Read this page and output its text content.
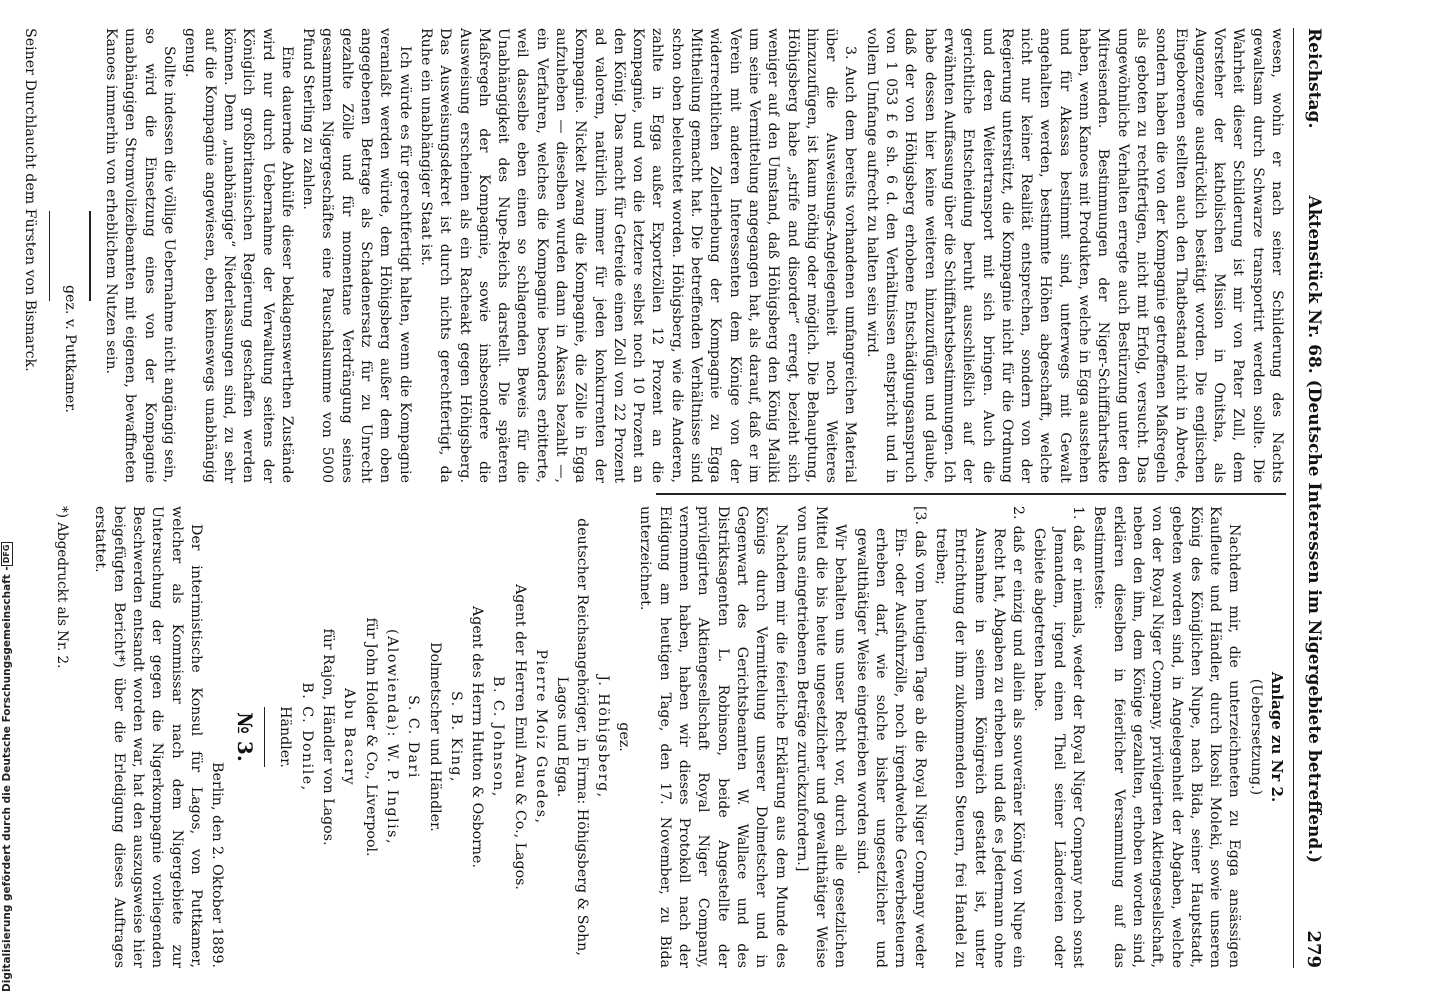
Digitalisierung gefördert durch die Deutsche Forschungsgemeinschaft -
DFG
Reichstag.
Aktenstück Nr. 68. (Deutsche Interessen im Nigergebiete betreffend.)
279

wesen, wohin er nach seiner Schilderung des Nachts gewaltsam durch Schwarze transportirt werden sollte. Die Wahrheit dieser Schilderung ist mir von Pater Zull, dem Vorsteher der katholischen Mission in Onitsha, als Augenzeuge ausdrücklich bestätigt worden. Die englischen Eingeborenen stellten auch den Thatbestand nicht in Abrede, sondern haben die von der Kompagnie getroffenen Maßregeln als geboten zu rechtfertigen, nicht mit Erfolg, versucht. Das ungewöhnliche Verhalten erregte auch Bestürzung unter den Mitreisenden. Bestimmungen der Niger-Schifffahrtsakte haben, wenn Kanoes mit Produkten, welche in Egga ausstehen und für Akassa bestimmt sind, unterwegs mit Gewalt angehalten werden, bestimmte Höhen abgeschafft, welche nicht nur keiner Realität entsprechen, sondern von der Regierung unterstützt, die Kompagnie nicht für die Ordnung und deren Weitertransport mit sich bringen. Auch die gerichtliche Entscheidung beruht ausschließlich auf der erwähnten Auffassung über die Schifffahrtsbestimmungen. Ich habe dessen hier keine weiteren hinzuzufügen und glaube, daß der von Höhigsberg erhobene Entschädigungsanspruch von 1 053 £ 6 sh. 6 d. den Verhältnissen entspricht und in vollem Umfange aufrecht zu halten sein wird.

3. Auch dem bereits vorhandenen umfangreichen Material über die Ausweisungs-Angelegenheit noch Weiteres hinzuzufügen, ist kaum nöthig oder möglich. Die Behauptung, Höhigsberg habe „strife and disorder“ erregt, bezieht sich weniger auf den Umstand, daß Höhigsberg den König Maliki um seine Vermittelung angegangen hat, als darauf, daß er im Verein mit anderen Interessenten dem Könige von der widerrechtlichen Zollerhebung der Kompagnie zu Egga Mittheilung gemacht hat. Die betreffenden Verhältnisse sind schon oben beleuchtet worden. Höhigsberg, wie die Anderen, zahlte in Egga außer Exportzöllen 12 Prozent an die Kompagnie, und von die letztere selbst noch 10 Prozent an den König. Das macht für Getreide einen Zoll von 22 Prozent ad valorem, natürlich immer für jeden konkurrenten der Kompagnie. Nickelt zwang die Kompagnie, die Zölle in Egga aufzuheben — dieselben wurden dann in Akassa bezahlt —, ein Verfahren, welches die Kompagnie besonders erbitterte, weil dasselbe eben einen so schlagenden Beweis für die Unabhängigkeit des Nupe-Reichs darstellt. Die späteren Maßregeln der Kompagnie, sowie insbesondere die Ausweisung erscheinen als ein Racheakt gegen Höhigsberg. Das Ausweisungsdekret ist durch nichts gerechtfertigt, da Ruhe ein unabhängiger Staat ist.

Ich würde es für gerechtfertigt halten, wenn die Kompagnie veranlaßt werden würde, dem Höhigsberg außer dem oben angegebenen Betrage als Schadenersatz für zu Unrecht gezahlte Zölle und für momentane Verdrängung seines gesammten Nigergeschäftes eine Pauschalsumme von 5000 Pfund Sterling zu zahlen.

Eine dauernde Abhülfe dieser beklagenswerthen Zustände wird nur durch Uebernahme der Verwaltung seitens der Königlich großbritannischen Regierung geschaffen werden können. Denn „unabhängige“ Niederlassungen sind, zu sehr auf die Kompagnie angewiesen, eben keineswegs unabhängig genug.

Sollte indessen die völlige Uebernahme nicht angängig sein, so wird die Einsetzung eines von der Kompagnie unabhängigen Stromvolizeibeamten mit eigenen, bewaffneten Kanoes immerhin von erheblichem Nutzen sein.

gez. v. Puttkamer.

Seiner Durchlaucht dem Fürsten von Bismarck.

Anlage zu Nr 2.

(Uebersetzung.)

Nachdem mir, die unterzeichneten zu Egga ansässigen Kaufleute und Händler, durch Ikoshi Moleki, sowie unseren König des Königlichen Nupe, nach Bida, seiner Hauptstadt, gebeten worden sind, in Angelegenheit der Abgaben, welche von der Royal Niger Company, privilegirten Aktiengesellschaft, neben den ihm, dem Könige gezahlten, erhoben worden sind, erklären dieselben in feierlicher Versammlung auf das Bestimmteste:

1. daß er niemals, weder der Royal Niger Company noch sonst Jemandem, irgend einen Theil seiner Ländereien oder Gebiete abgetreten habe.

2. daß er einzig und allein als souveräner König von Nupe ein Recht hat, Abgaben zu erheben und daß es Jedermann ohne Ausnahme in seinem Königreich gestattet ist, unter Entrichtung der ihm zukommenden Steuern, frei Handel zu treiben;

[3. daß vom heutigen Tage ab die Royal Niger Company weder Ein- oder Ausfuhrzölle, noch irgendwelche Gewerbesteuern erheben darf, wie solche bisher ungesetzlicher und gewaltthätiger Weise eingetrieben worden sind.

Wir behalten uns unser Recht vor, durch alle gesetzlichen Mittel die bis heute ungesetzlicher und gewaltthätiger Weise von uns eingetriebenen Beträge zurückzufordern.]

Nachdem mir die feierliche Erklärung aus dem Munde des Königs durch Vermittelung unserer Dolmetscher und in Gegenwart des Gerichtsbeamten W. Wallace und des Distriktsagenten L. Robinson, beide Angestellte der privilegirten Aktiengesellschaft Royal Niger Company, vernommen haben, haben wir dieses Protokoll nach der Eidigung am heutigen Tage, den 17. November, zu Bida unterzeichnet.

gez.

J. Höhigsberg,

deutscher Reichsangehöriger, in Firma: Höhigsberg & Sohn, Lagos und Egga.

Pierre Moiz Guedes,

Agent der Herren Emil Arau & Co., Lagos.

B. C. Johnson,

Agent des Herrn Hutton & Osborne.

S. B. King,

Dolmetscher und Händler.

S. C. Dari

(Alowienda): W. P. Inglis,

für John Holder & Co., Liverpool.

Abu Bacary

für Rajon, Händler von Lagos.

B. C. Donile,

Händler.

№ 3.

Berlin, den 2. Oktober 1889.

Der interimistische Konsul für Lagos, von Puttkamer, welcher als Kommissar nach dem Nigergebiete zur Untersuchung der gegen die Nigerkompagnie vorliegenden Beschwerden entsandt worden war, hat den auszugsweise hier beigefügten Bericht*) über die Erledigung dieses Auftrages erstattet.

*) Abgedruckt als Nr. 2.
